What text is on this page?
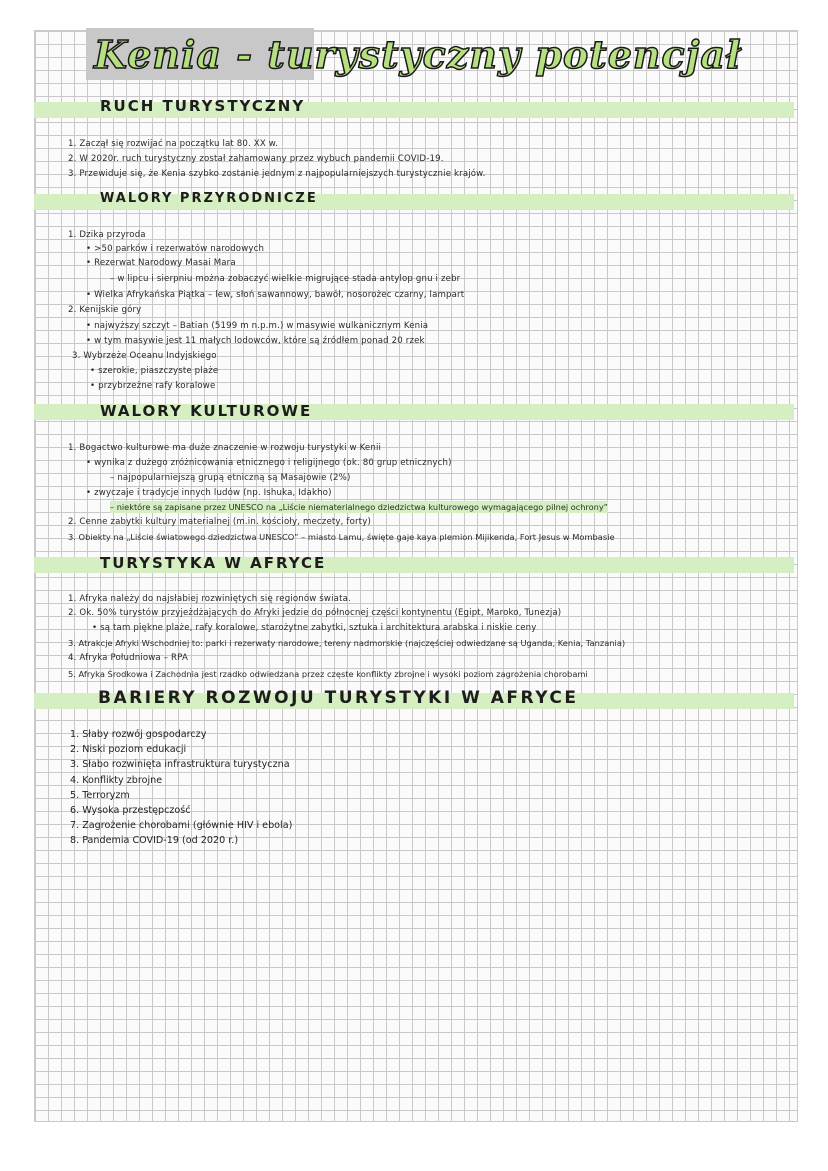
Kenia - turystyczny potencjał
RUCH TURYSTYCZNY
1. Zaczął się rozwijać na początku lat 80. XX w.
2. W 2020r. ruch turystyczny został zahamowany przez wybuch pandemii COVID-19.
3. Przewiduje się, że Kenia szybko zostanie jednym z najpopularniejszych turystycznie krajów.
WALORY PRZYRODNICZE
1. Dzika przyroda
• >50 parków i rezerwatów narodowych
• Rezerwat Narodowy Masai Mara
– w lipcu i sierpniu można zobaczyć wielkie migrujące stada antylop gnu i zebr
• Wielka Afrykańska Piątka – lew, słoń sawannowy, bawół, nosorożec czarny, lampart
2. Kenijskie góry
• najwyższy szczyt – Batian (5199 m n.p.m.) w masywie wulkanicznym Kenia
• w tym masywie jest 11 małych lodowców, które są źródłem ponad 20 rzek
3. Wybrzeże Oceanu Indyjskiego
• szerokie, piaszczyste plaże
• przybrzeżne rafy koralowe
WALORY KULTUROWE
1. Bogactwo kulturowe ma duże znaczenie w rozwoju turystyki w Kenii
• wynika z dużego zróżnicowania etnicznego i religijnego (ok. 80 grup etnicznych)
– najpopularniejszą grupą etniczną są Masajowie (2%)
• zwyczaje i tradycje innych ludów (np. Ishuka, Idakho)
– niektóre są zapisane przez UNESCO na „Liście niematerialnego dziedzictwa kulturowego wymagającego pilnej ochrony”
2. Cenne zabytki kultury materialnej (m.in. kościoły, meczety, forty)
3. Obiekty na „Liście światowego dziedzictwa UNESCO” – miasto Lamu, święte gaje kaya plemion Mijikenda, Fort Jesus w Mombasie
TURYSTYKA W AFRYCE
1. Afryka należy do najsłabiej rozwiniętych się regionów świata.
2. Ok. 50% turystów przyjeżdżających do Afryki jedzie do północnej części kontynentu (Egipt, Maroko, Tunezja)
• są tam piękne plaże, rafy koralowe, starożytne zabytki, sztuka i architektura arabska i niskie ceny
3. Atrakcje Afryki Wschodniej to: parki i rezerwaty narodowe, tereny nadmorskie (najczęściej odwiedzane są Uganda, Kenia, Tanzania)
4. Afryka Południowa – RPA
5. Afryka Środkowa i Zachodnia jest rzadko odwiedzana przez częste konflikty zbrojne i wysoki poziom zagrożenia chorobami
BARIERY ROZWOJU TURYSTYKI W AFRYCE
1. Słaby rozwój gospodarczy
2. Niski poziom edukacji
3. Słabo rozwinięta infrastruktura turystyczna
4. Konflikty zbrojne
5. Terroryzm
6. Wysoka przestępczość
7. Zagrożenie chorobami (głównie HIV i ebola)
8. Pandemia COVID-19 (od 2020 r.)
